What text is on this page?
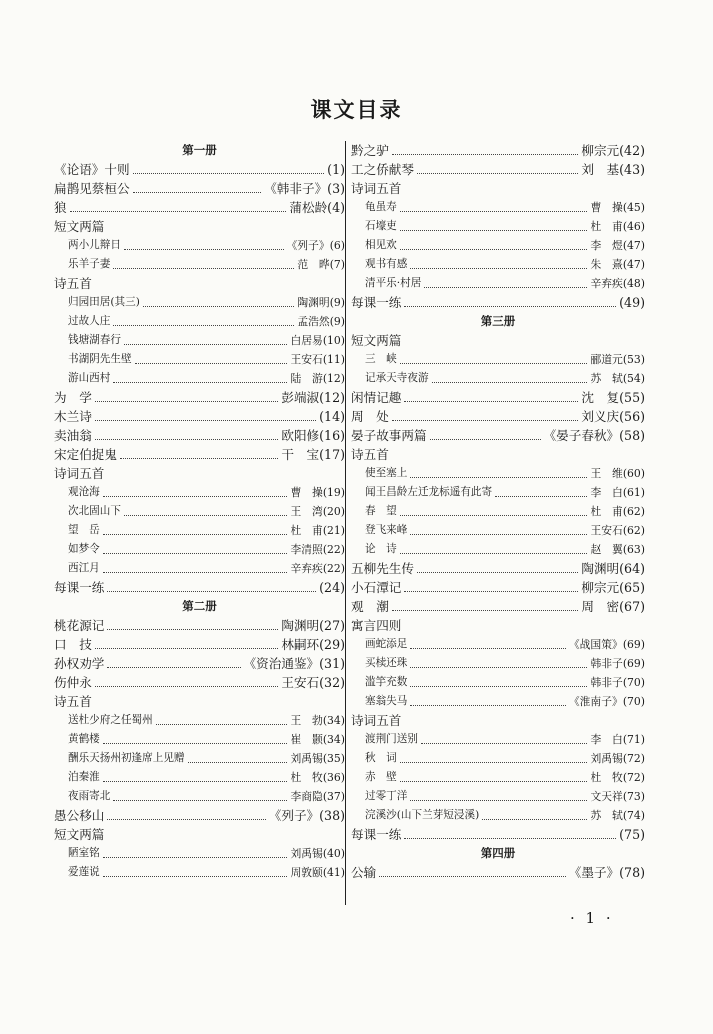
课文目录
第一册
《论语》十则	(1)
扁鹊见蔡桓公	《韩非子》(3)
狼	蒲松龄(4)
短文两篇
两小儿辩日	《列子》(6)
乐羊子妻	范　晔(7)
诗五首
归园田居(其三)	陶渊明(9)
过故人庄	孟浩然(9)
钱塘湖春行	白居易(10)
书湖阴先生壁	王安石(11)
游山西村	陆　游(12)
为　学	彭端淑(12)
木兰诗	(14)
卖油翁	欧阳修(16)
宋定伯捉鬼	干　宝(17)
诗词五首
观沧海	曹　操(19)
次北固山下	王　湾(20)
望　岳	杜　甫(21)
如梦令	李清照(22)
西江月	辛弃疾(22)
每课一练	(24)
第二册
桃花源记	陶渊明(27)
口　技	林嗣环(29)
孙权劝学	《资治通鉴》(31)
伤仲永	王安石(32)
诗五首
送杜少府之任蜀州	王　勃(34)
黄鹤楼	崔　颢(34)
酬乐天扬州初逢席上见赠	刘禹锡(35)
泊秦淮	杜　牧(36)
夜雨寄北	李商隐(37)
愚公移山	《列子》(38)
短文两篇
陋室铭	刘禹锡(40)
爱莲说	周敦颐(41)
黔之驴	柳宗元(42)
工之侨献琴	刘　基(43)
诗词五首
龟虽寿	曹　操(45)
石壕吏	杜　甫(46)
相见欢	李　煜(47)
观书有感	朱　熹(47)
清平乐·村居	辛弃疾(48)
每课一练	(49)
第三册
短文两篇
三　峡	郦道元(53)
记承天寺夜游	苏　轼(54)
闲情记趣	沈　复(55)
周　处	刘义庆(56)
晏子故事两篇	《晏子春秋》(58)
诗五首
使至塞上	王　维(60)
闻王昌龄左迁龙标遥有此寄	李　白(61)
春　望	杜　甫(62)
登飞来峰	王安石(62)
论　诗	赵　翼(63)
五柳先生传	陶渊明(64)
小石潭记	柳宗元(65)
观　潮	周　密(67)
寓言四则
画蛇添足	《战国策》(69)
买椟还珠	韩非子(69)
滥竽充数	韩非子(70)
塞翁失马	《淮南子》(70)
诗词五首
渡荆门送别	李　白(71)
秋　词	刘禹锡(72)
赤　壁	杜　牧(72)
过零丁洋	文天祥(73)
浣溪沙(山下兰芽短浸溪)	苏　轼(74)
每课一练	(75)
第四册
公输	《墨子》(78)
· 1 ·
